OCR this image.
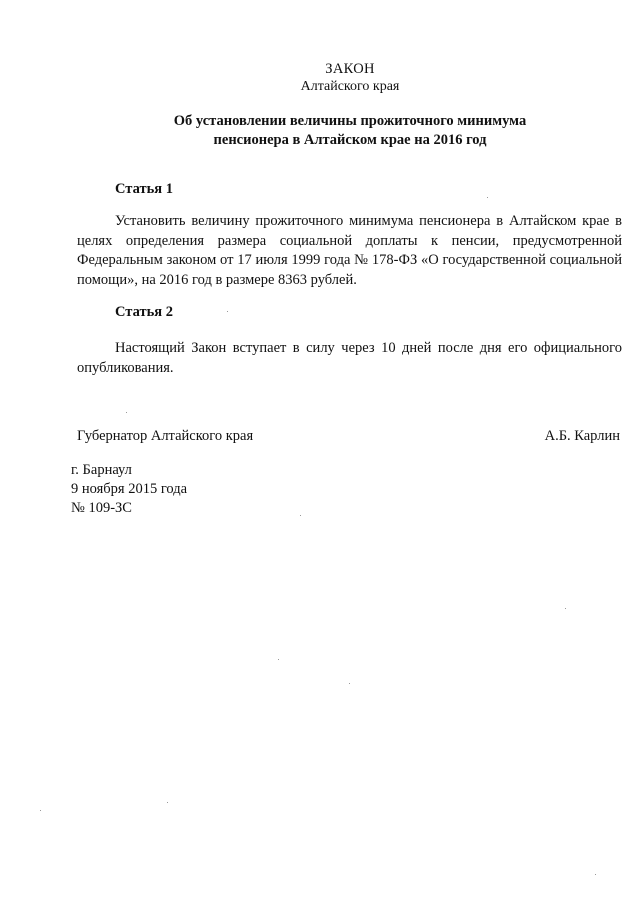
ЗАКОН
Алтайского края
Об установлении величины прожиточного минимума
пенсионера в Алтайском крае на 2016 год
Статья 1

Установить величину прожиточного минимума пенсионера в Алтайском крае в целях определения размера социальной доплаты к пенсии, предусмотренной Федеральным законом от 17 июля 1999 года № 178-ФЗ «О государственной социальной помощи», на 2016 год в размере 8363 рублей.

Статья 2

Настоящий Закон вступает в силу через 10 дней после дня его официального опубликования.

Губернатор Алтайского края	А.Б. Карлин
г. Барнаул
9 ноября 2015 года
№ 109-ЗС
